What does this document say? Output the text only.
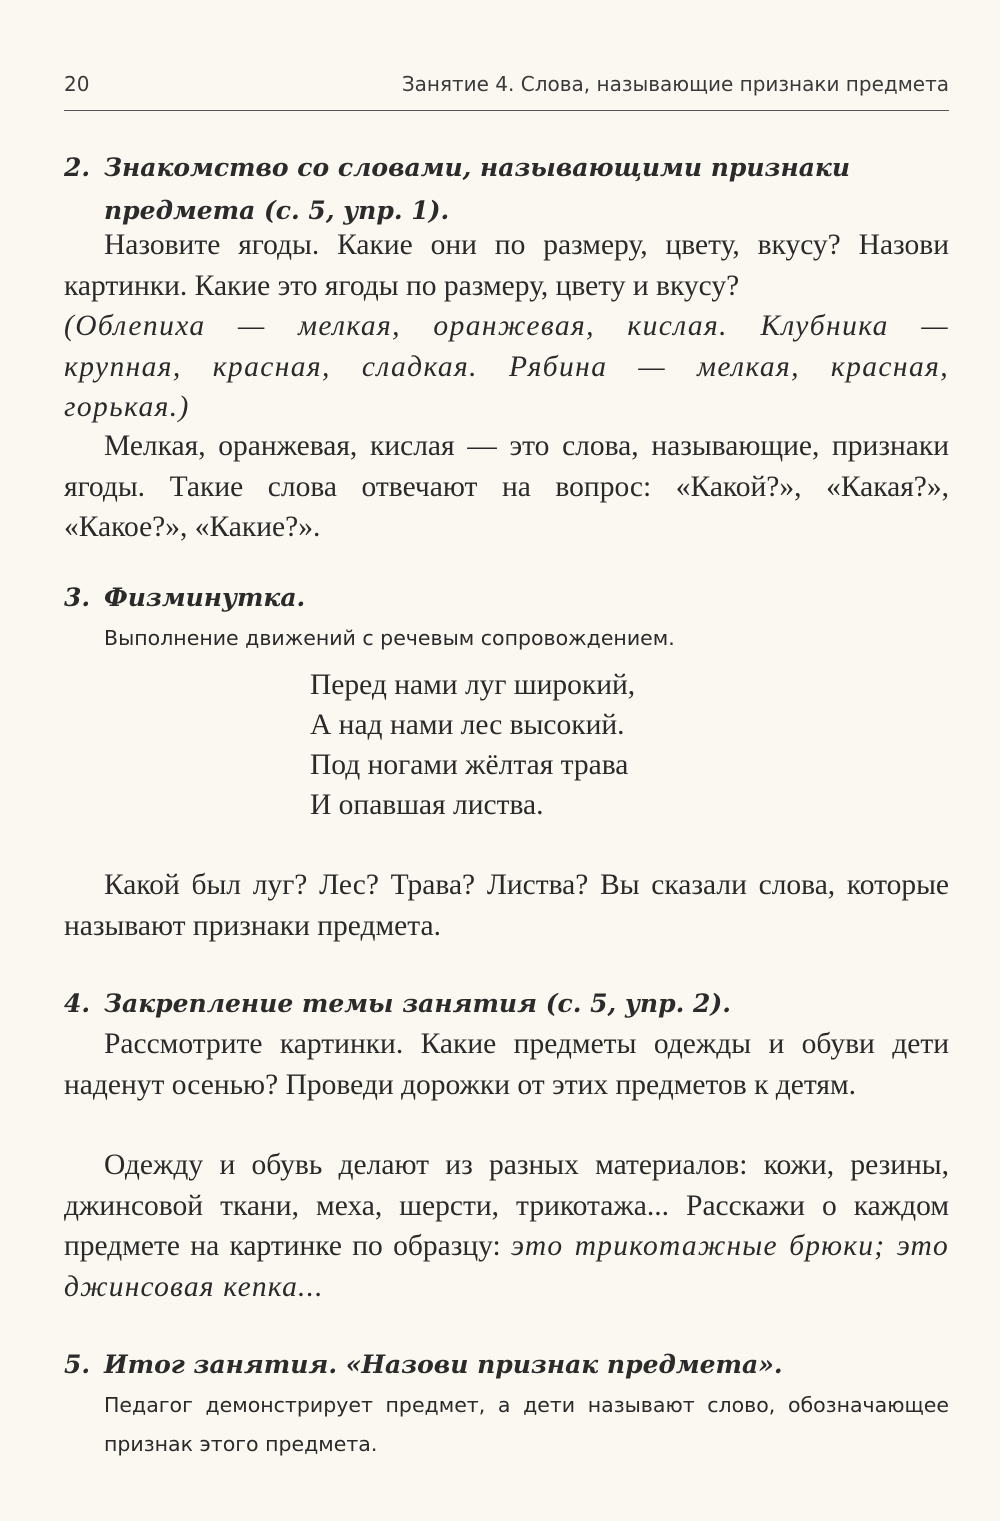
20	Занятие 4. Слова, называющие признаки предмета
2. Знакомство со словами, называющими признаки предмета (с. 5, упр. 1).

Назовите ягоды. Какие они по размеру, цвету, вкусу? Назови картинки. Какие это ягоды по размеру, цвету и вкусу?

(Облепиха — мелкая, оранжевая, кислая. Клубника — крупная, красная, сладкая. Рябина — мелкая, красная, горькая.)

Мелкая, оранжевая, кислая — это слова, называющие, признаки ягоды. Такие слова отвечают на вопрос: «Какой?», «Какая?», «Какое?», «Какие?».

3. Физминутка.

Выполнение движений с речевым сопровождением.

Перед нами луг широкий,
А над нами лес высокий.
Под ногами жёлтая трава
И опавшая листва.

Какой был луг? Лес? Трава? Листва? Вы сказали слова, которые называют признаки предмета.

4. Закрепление темы занятия (с. 5, упр. 2).

Рассмотрите картинки. Какие предметы одежды и обуви дети наденут осенью? Проведи дорожки от этих предметов к детям.

Одежду и обувь делают из разных материалов: кожи, резины, джинсовой ткани, меха, шерсти, трикотажа... Расскажи о каждом предмете на картинке по образцу: это трикотажные брюки; это джинсовая кепка...

5. Итог занятия. «Назови признак предмета».

Педагог демонстрирует предмет, а дети называют слово, обозначающее признак этого предмета.
